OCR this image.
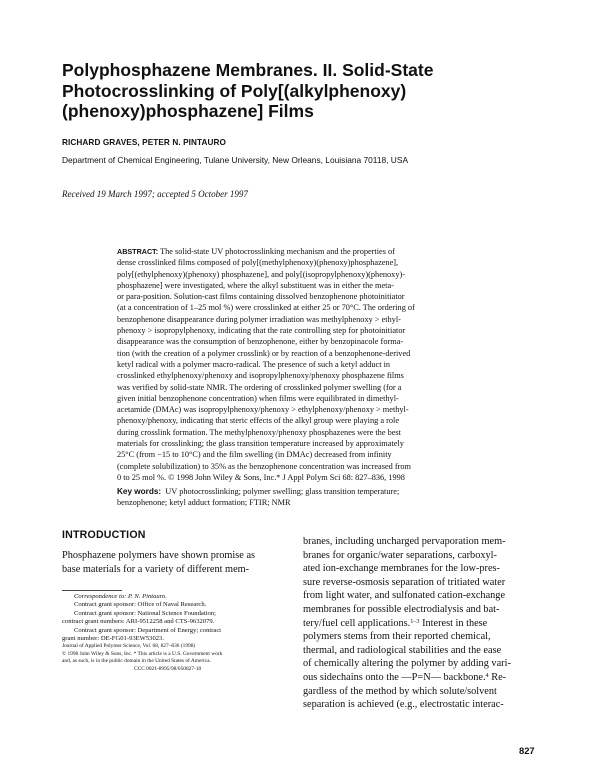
Polyphosphazene Membranes. II. Solid-State
Photocrosslinking of Poly[(alkylphenoxy)
(phenoxy)phosphazene] Films
RICHARD GRAVES, PETER N. PINTAURO
Department of Chemical Engineering, Tulane University, New Orleans, Louisiana 70118, USA
Received 19 March 1997; accepted 5 October 1997
ABSTRACT: The solid-state UV photocrosslinking mechanism and the properties of
dense crosslinked films composed of poly[(methylphenoxy)(phenoxy)phosphazene],
poly[(ethylphenoxy)(phenoxy) phosphazene], and poly[(isopropylphenoxy)(phenoxy)-
phosphazene] were investigated, where the alkyl substituent was in either the meta-
or para-position. Solution-cast films containing dissolved benzophenone photoinitiator
(at a concentration of 1–25 mol %) were crosslinked at either 25 or 70°C. The ordering of
benzophenone disappearance during polymer irradiation was methylphenoxy > ethyl-
phenoxy > isopropylphenoxy, indicating that the rate controlling step for photoinitiator
disappearance was the consumption of benzophenone, either by benzopinacole forma-
tion (with the creation of a polymer crosslink) or by reaction of a benzophenone-derived
ketyl radical with a polymer macro-radical. The presence of such a ketyl adduct in
crosslinked ethylphenoxy/phenoxy and isopropylphenoxy/phenoxy phosphazene films
was verified by solid-state NMR. The ordering of crosslinked polymer swelling (for a
given initial benzophenone concentration) when films were equilibrated in dimethyl-
acetamide (DMAc) was isopropylphenoxy/phenoxy > ethylphenoxy/phenoxy > methyl-
phenoxy/phenoxy, indicating that steric effects of the alkyl group were playing a role
during crosslink formation. The methylphenoxy/phenoxy phosphazenes were the best
materials for crosslinking; the glass transition temperature increased by approximately
25°C (from −15 to 10°C) and the film swelling (in DMAc) decreased from infinity
(complete solubilization) to 35% as the benzophenone concentration was increased from
0 to 25 mol %. © 1998 John Wiley & Sons, Inc.* J Appl Polym Sci 68: 827–836, 1998
Key words: UV photocrosslinking; polymer swelling; glass transition temperature;
benzophenone; ketyl adduct formation; FTIR; NMR
INTRODUCTION
Phosphazene polymers have shown promise as
base materials for a variety of different mem-
Correspondence to: P. N. Pintauro.
Contract grant sponsor: Office of Naval Research.
Contract grant sponsor: National Science Foundation;
contract grant numbers: ARI-9512258 and CTS-9632079.
Contract grant sponsor: Department of Energy; contract
grant number: DE-FG01-93EW53023.
Journal of Applied Polymer Science, Vol. 68, 827–836 (1998)
© 1998 John Wiley & Sons, Inc. * This article is a U.S. Government work
and, as such, is in the public domain in the United States of America.
CCC 0021-8995/98/050827-10
branes, including uncharged pervaporation mem-
branes for organic/water separations, carboxyl-
ated ion-exchange membranes for the low-pres-
sure reverse-osmosis separation of tritiated water
from light water, and sulfonated cation-exchange
membranes for possible electrodialysis and bat-
tery/fuel cell applications.$^{1-3}$ Interest in these
polymers stems from their reported chemical,
thermal, and radiological stabilities and the ease
of chemically altering the polymer by adding vari-
ous sidechains onto the —P=N— backbone.$^4$ Re-
gardless of the method by which solute/solvent
separation is achieved (e.g., electrostatic interac-
827
